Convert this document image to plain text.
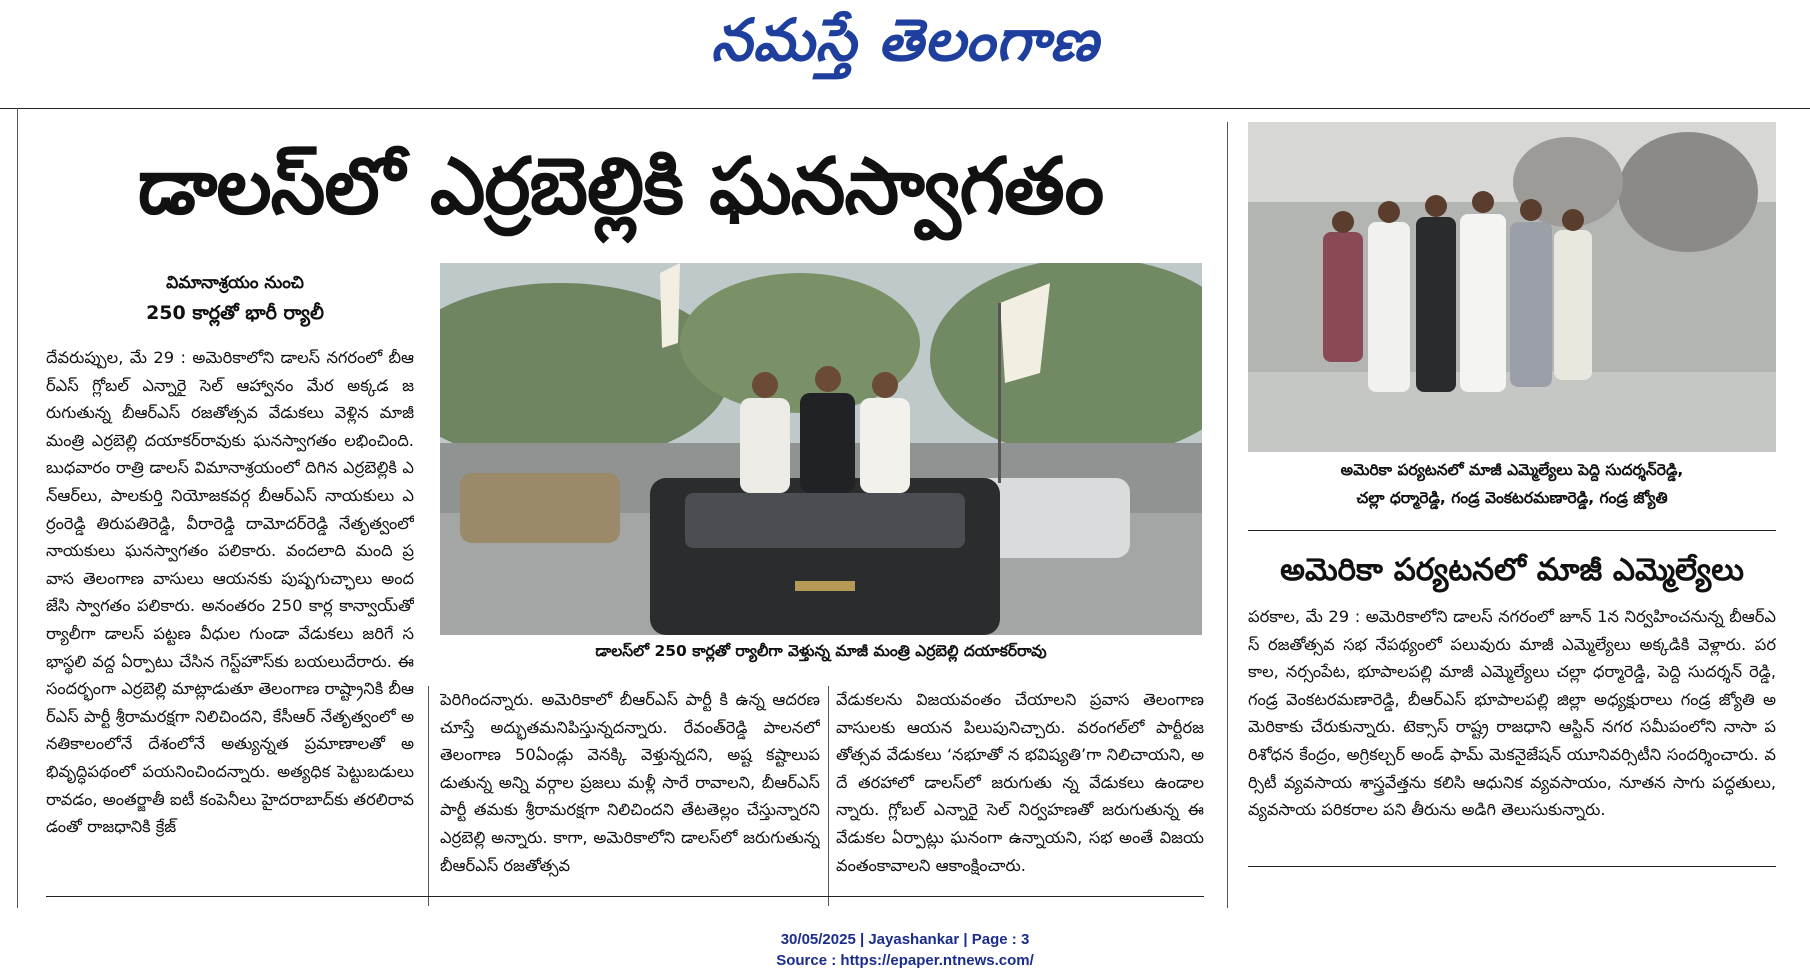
నమస్తే తెలంగాణ
డాలస్‌లో ఎర్రబెల్లికి ఘనస్వాగతం
విమానాశ్రయం నుంచి
250 కార్లతో భారీ ర్యాలీ
డాలస్‌లో 250 కార్లతో ర్యాలీగా వెళ్తున్న మాజీ మంత్రి ఎర్రబెల్లి దయాకర్‌రావు
దేవరుప్పుల, మే 29 : అమెరికాలోని డాలస్ నగరంలో బీఆర్‌ఎస్ గ్లోబల్ ఎన్నారై సెల్ ఆహ్వానం మేర అక్కడ జరుగుతున్న బీఆర్‌ఎస్ రజతోత్సవ వేడుకలు వెళ్లిన మాజీ మంత్రి ఎర్రబెల్లి దయాకర్‌రావుకు ఘనస్వాగతం లభించింది. బుధవారం రాత్రి డాలస్ విమానాశ్రయంలో దిగిన ఎర్రబెల్లికి ఎన్‌ఆర్‌లు, పాలకుర్తి నియోజకవర్గ బీఆర్‌ఎస్ నాయకులు ఎర్రంరెడ్డి తిరుపతిరెడ్డి, వీరారెడ్డి దామోదర్‌రెడ్డి నేతృత్వంలో నాయకులు ఘనస్వాగతం పలికారు. వందలాది మంది ప్రవాస తెలంగాణ వాసులు ఆయనకు పుష్పగుచ్ఛాలు అందజేసి స్వాగతం పలికారు. అనంతరం 250 కార్ల కాన్వాయ్‌తో ర్యాలీగా డాలస్ పట్టణ వీధుల గుండా వేడుకలు జరిగే సభాస్థలి వద్ద ఏర్పాటు చేసిన గెస్ట్‌హౌస్‌కు బయలుదేరారు. ఈ సందర్భంగా ఎర్రబెల్లి మాట్లాడుతూ తెలంగాణ రాష్ట్రానికి బీఆర్‌ఎస్ పార్టీ శ్రీరామరక్షగా నిలిచిందని, కేసీఆర్ నేతృత్వంలో అనతికాలంలోనే దేశంలోనే అత్యున్నత ప్రమాణాలతో అభివృద్ధిపథంలో పయనించిందన్నారు. అత్యధిక పెట్టుబడులు రావడం, అంతర్జాతీ ఐటీ కంపెనీలు హైదరాబాద్‌కు తరలిరావడంతో రాజధానికి క్రేజ్
పెరిగిందన్నారు. అమెరికాలో బీఆర్‌ఎస్ పార్టీ కి ఉన్న ఆదరణ చూస్తే అద్భుతమనిపిస్తున్నదన్నారు. రేవంత్‌రెడ్డి పాలనలో తెలంగాణ 50ఏండ్లు వెనక్కి వెళ్తున్నదని, అష్ట కష్టాలుపడుతున్న అన్ని వర్గాల ప్రజలు మళ్లీ సారే రావాలని, బీఆర్‌ఎస్ పార్టీ తమకు శ్రీరామరక్షగా నిలిచిందని తేటతెల్లం చేస్తున్నారని ఎర్రబెల్లి అన్నారు. కాగా, అమెరికాలోని డాలస్‌లో జరుగుతున్న బీఆర్‌ఎస్ రజతోత్సవ
వేడుకలను విజయవంతం చేయాలని ప్రవాస తెలంగాణ వాసులకు ఆయన పిలుపునిచ్చారు. వరంగల్‌లో పార్టీరజతోత్సవ వేడుకలు ‘నభూతో న భవిష్యతి’గా నిలిచాయని, అదే తరహాలో డాలస్‌లో జరుగుతు న్న వేడుకలు ఉండాలన్నారు. గ్లోబల్ ఎన్నారై సెల్ నిర్వహణతో జరుగుతున్న ఈ వేడుకల ఏర్పాట్లు ఘనంగా ఉన్నాయని, సభ అంతే విజయవంతంకావాలని ఆకాంక్షించారు.
అమెరికా పర్యటనలో మాజీ ఎమ్మెల్యేలు పెద్ది సుదర్శన్‌రెడ్డి,
చల్లా ధర్మారెడ్డి, గండ్ర వెంకటరమణారెడ్డి, గండ్ర జ్యోతి
అమెరికా పర్యటనలో మాజీ ఎమ్మెల్యేలు
పరకాల, మే 29 : అమెరికాలోని డాలస్ నగరంలో జూన్ 1న నిర్వహించనున్న బీఆర్‌ఎస్ రజతోత్సవ సభ నేపథ్యంలో పలువురు మాజీ ఎమ్మెల్యేలు అక్కడికి వెళ్లారు. పరకాల, నర్సంపేట, భూపాలపల్లి మాజీ ఎమ్మెల్యేలు చల్లా ధర్మారెడ్డి, పెద్ది సుదర్శన్ రెడ్డి, గండ్ర వెంకటరమణారెడ్డి, బీఆర్‌ఎస్ భూపాలపల్లి జిల్లా అధ్యక్షురాలు గండ్ర జ్యోతి అమెరికాకు చేరుకున్నారు. టెక్సాస్ రాష్ట్ర రాజధాని ఆస్టిన్ నగర సమీపంలోని నాసా పరిశోధన కేంద్రం, అగ్రికల్చర్ అండ్ ఫామ్ మెకనైజేషన్ యూనివర్సిటీని సందర్శించారు. వర్సిటీ వ్యవసాయ శాస్త్రవేత్తను కలిసి ఆధునిక వ్యవసాయం, నూతన సాగు పద్ధతులు, వ్యవసాయ పరికరాల పని తీరును అడిగి తెలుసుకున్నారు.
30/05/2025 | Jayashankar | Page : 3
Source : https://epaper.ntnews.com/
